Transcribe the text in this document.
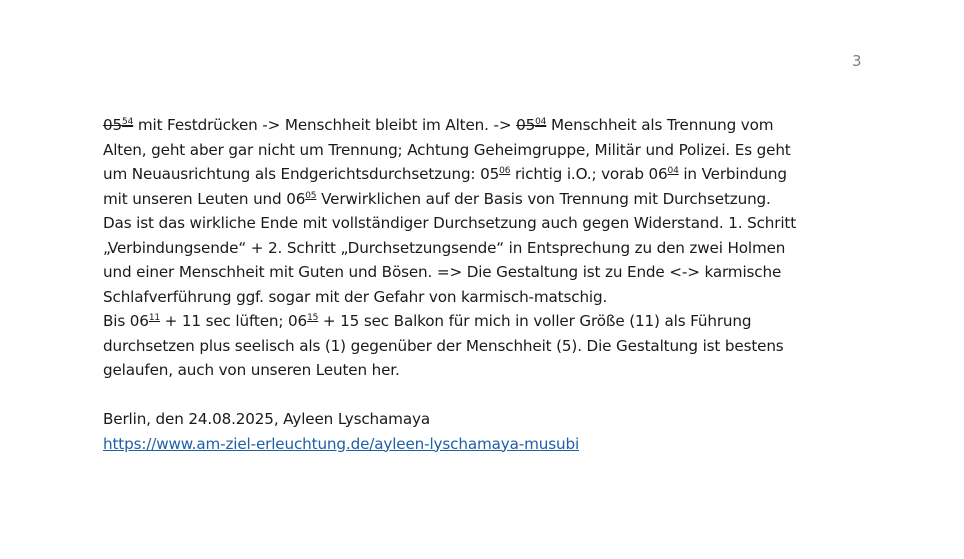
3
$05^{54}$ mit Festdrücken -> Menschheit bleibt im Alten. -> $05^{04}$ Menschheit als Trennung vom
Alten, geht aber gar nicht um Trennung; Achtung Geheimgruppe, Militär und Polizei. Es geht
um Neuausrichtung als Endgerichtsdurchsetzung: $05^{06}$ richtig i.O.; vorab $06^{04}$ in Verbindung
mit unseren Leuten und $06^{05}$ Verwirklichen auf der Basis von Trennung mit Durchsetzung.
Das ist das wirkliche Ende mit vollständiger Durchsetzung auch gegen Widerstand. 1. Schritt
„Verbindungsende“ + 2. Schritt „Durchsetzungsende“ in Entsprechung zu den zwei Holmen
und einer Menschheit mit Guten und Bösen. => Die Gestaltung ist zu Ende <-> karmische
Schlafverführung ggf. sogar mit der Gefahr von karmisch-matschig.
Bis $06^{11} + 11$ sec lüften; $06^{15} + 15$ sec Balkon für mich in voller Größe (11) als Führung
durchsetzen plus seelisch als (1) gegenüber der Menschheit (5). Die Gestaltung ist bestens
gelaufen, auch von unseren Leuten her.
Berlin, den 24.08.2025, Ayleen Lyschamaya
https://www.am-ziel-erleuchtung.de/ayleen-lyschamaya-musubi
